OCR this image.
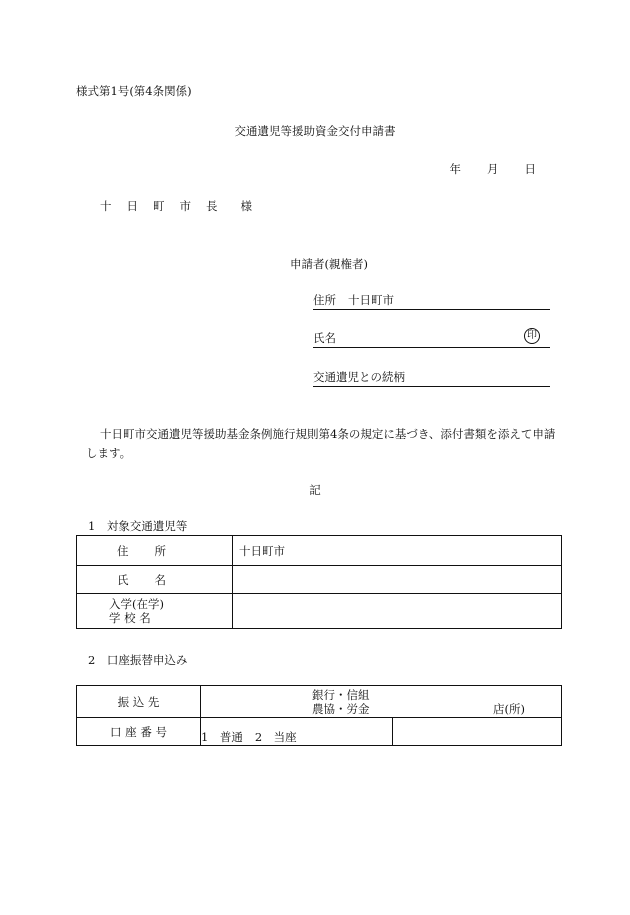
様式第1号(第4条関係)
交通遺児等援助資金交付申請書
年 月 日
十日町市長 様
申請者(親権者)
住所 十日町市
氏名	印
交通遺児との続柄
十日町市交通遺児等援助基金条例施行規則第4条の規定に基づき、添付書類を添えて申請します。
記
1　対象交通遺児等
住所	十日町市
氏名	

入学(在学)
学 校 名	

2　口座振替申込み
振 込 先	銀行・信組
農協・労金 店(所)	

口 座 番 号	1　普通 2　当座	
